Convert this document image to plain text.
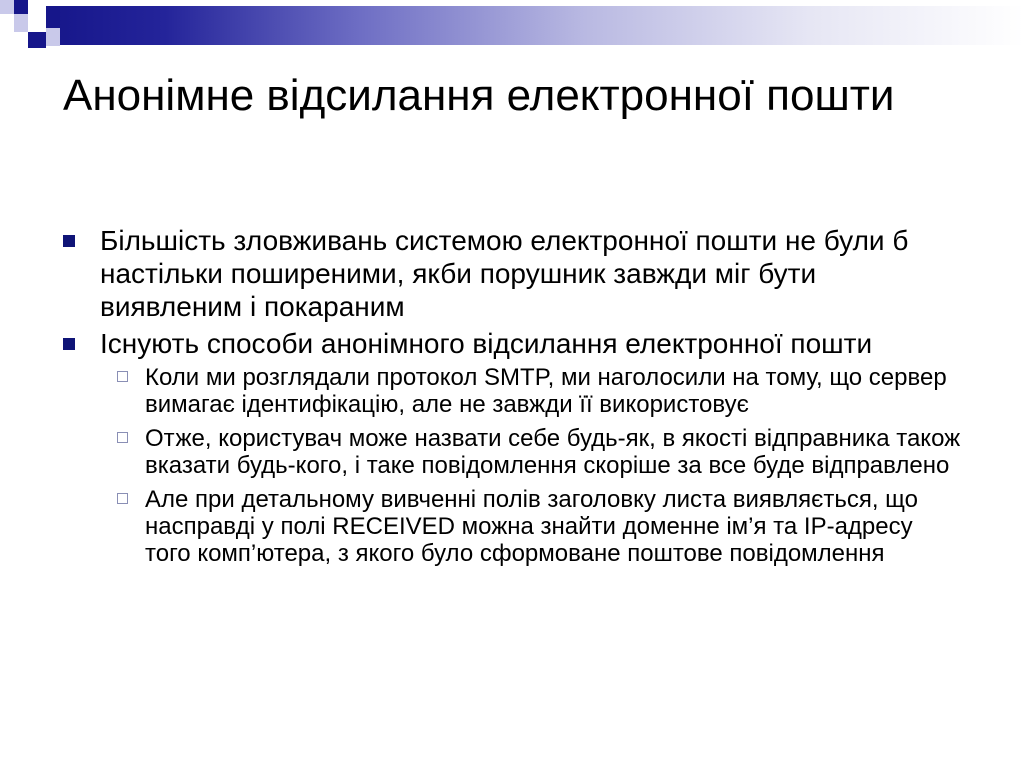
Анонімне відсилання електронної пошти
Більшість зловживань системою електронної пошти не були б настільки поширеними, якби порушник завжди міг бути виявленим і покараним
Існують способи анонімного відсилання електронної пошти
Коли ми розглядали протокол SMTP, ми наголосили на тому, що сервер вимагає ідентифікацію, але не завжди її використовує
Отже, користувач може назвати себе будь-як, в якості відправника також вказати будь-кого, і таке повідомлення скоріше за все буде відправлено
Але при детальному вивченні полів заголовку листа виявляється, що насправді у полі RECEIVED можна знайти доменне ім’я та IP-адресу того комп’ютера, з якого було сформоване поштове повідомлення
